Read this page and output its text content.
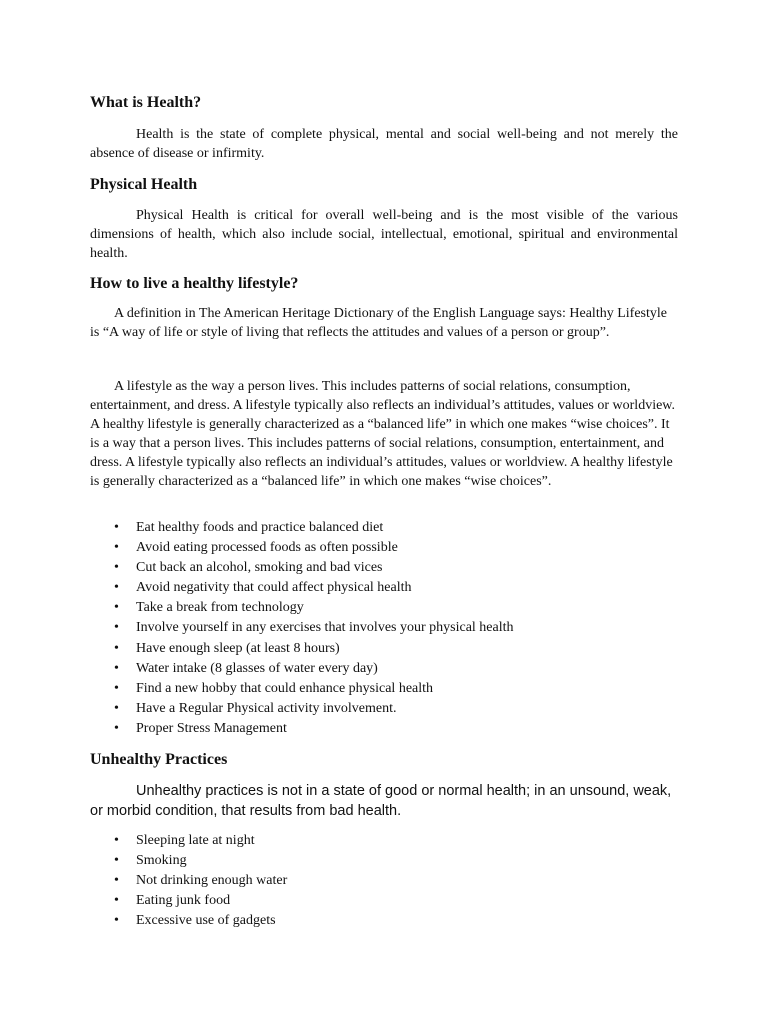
What is Health?

Health is the state of complete physical, mental and social well-being and not merely the absence of disease or infirmity.

Physical Health

Physical Health is critical for overall well-being and is the most visible of the various dimensions of health, which also include social, intellectual, emotional, spiritual and environmental health.

How to live a healthy lifestyle?

A definition in The American Heritage Dictionary of the English Language says: Healthy Lifestyle is “A way of life or style of living that reflects the attitudes and values of a person or group”.

A lifestyle as the way a person lives. This includes patterns of social relations, consumption, entertainment, and dress. A lifestyle typically also reflects an individual’s attitudes, values or worldview. A healthy lifestyle is generally characterized as a “balanced life” in which one makes “wise choices”. It is a way that a person lives. This includes patterns of social relations, consumption, entertainment, and dress. A lifestyle typically also reflects an individual’s attitudes, values or worldview. A healthy lifestyle is generally characterized as a “balanced life” in which one makes “wise choices”.

• Eat healthy foods and practice balanced diet
• Avoid eating processed foods as often possible
• Cut back an alcohol, smoking and bad vices
• Avoid negativity that could affect physical health
• Take a break from technology
• Involve yourself in any exercises that involves your physical health
• Have enough sleep (at least 8 hours)
• Water intake (8 glasses of water every day)
• Find a new hobby that could enhance physical health
• Have a Regular Physical activity involvement.
• Proper Stress Management
Unhealthy Practices

Unhealthy practices is not in a state of good or normal health; in an unsound, weak, or morbid condition, that results from bad health.

• Sleeping late at night
• Smoking
• Not drinking enough water
• Eating junk food
• Excessive use of gadgets
